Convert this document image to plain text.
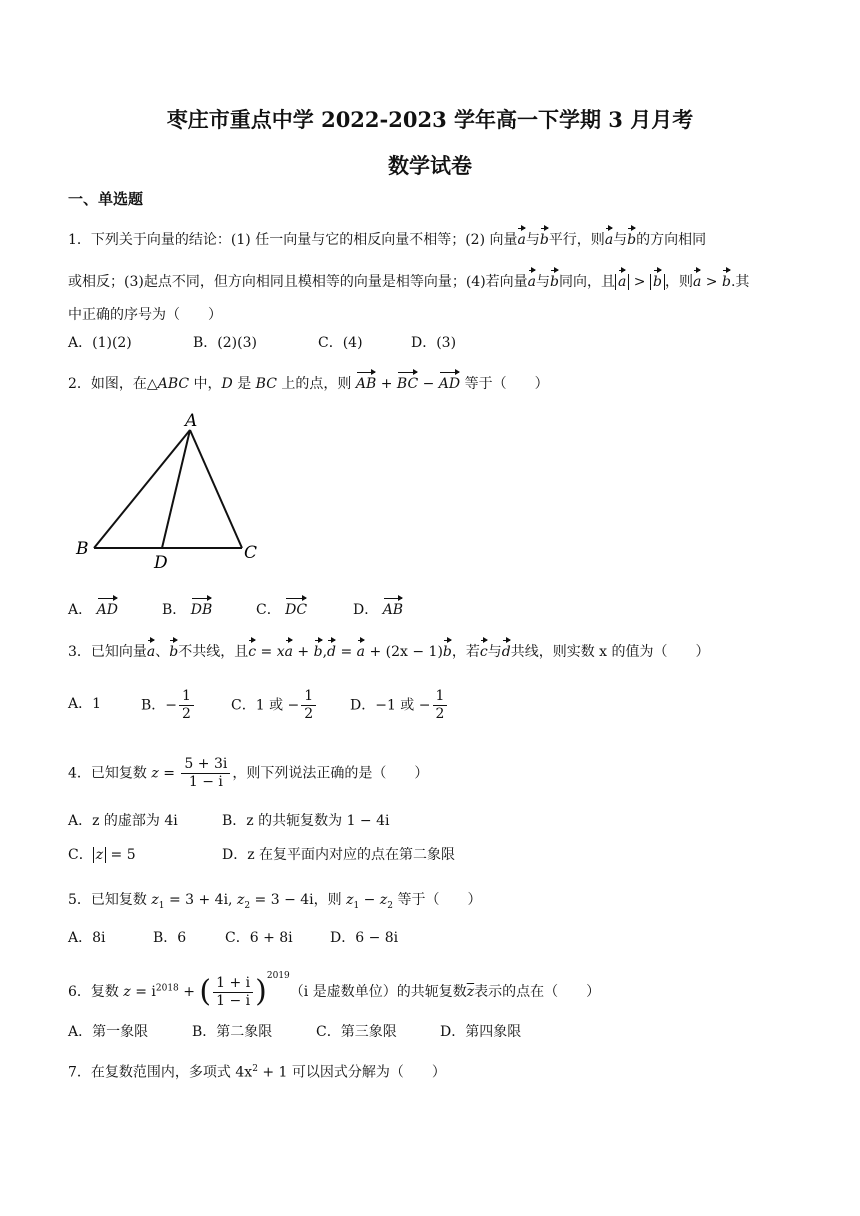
枣庄市重点中学 2022-2023 学年高一下学期 3 月月考
数学试卷
一、单选题
1．下列关于向量的结论：(1) 任一向量与它的相反向量不相等；(2) 向量a与b平行，则a与b的方向相同
或相反；(3)起点不同，但方向相同且模相等的向量是相等向量；(4)若向量a与b同向，且 a > b ，则a > b.其
中正确的序号为（　　）
A．(1)(2)	B．(2)(3)	C．(4)	D．(3)
2．如图，在△ABC 中，D 是 BC 上的点，则 AB + BC − AD 等于（　　）
A
B	C
D
A． AD	B． DB	C． DC	D． AB
3．已知向量a、b不共线，且c = xa + b,d = a + (2x − 1)b，若c与d共线，则实数 x 的值为（　　）
A．1	B．− $\frac{1}{2}$	C．1 或 − $\frac{1}{2}$ D．−1 或 − $\frac{1}{2}$
4．已知复数 $z = \frac{5 + 3i}{1 - i}$ ，则下列说法正确的是（　　）
A．z 的虚部为 4i	B．z 的共轭复数为 1 − 4i
C． z = 5	D．z 在复平面内对应的点在第二象限
5．已知复数 $z_1 = 3 + 4i$, $z_2 = 3 - 4i$，则 $z_1 - z_2$ 等于（　　）
A．8i	B．6	C．6 + 8i	D．6 − 8i
6．复数 $z = i^{2018}$ + ( $\frac{1 + i}{1 - i} )^{2019}(i$ 是虚数单位）的共轭复数$\overline{z}$表示的点在（　　）
A．第一象限	B．第二象限	C．第三象限	D．第四象限
7．在复数范围内，多项式 $4x^2 + 1$ 可以因式分解为（　　）
